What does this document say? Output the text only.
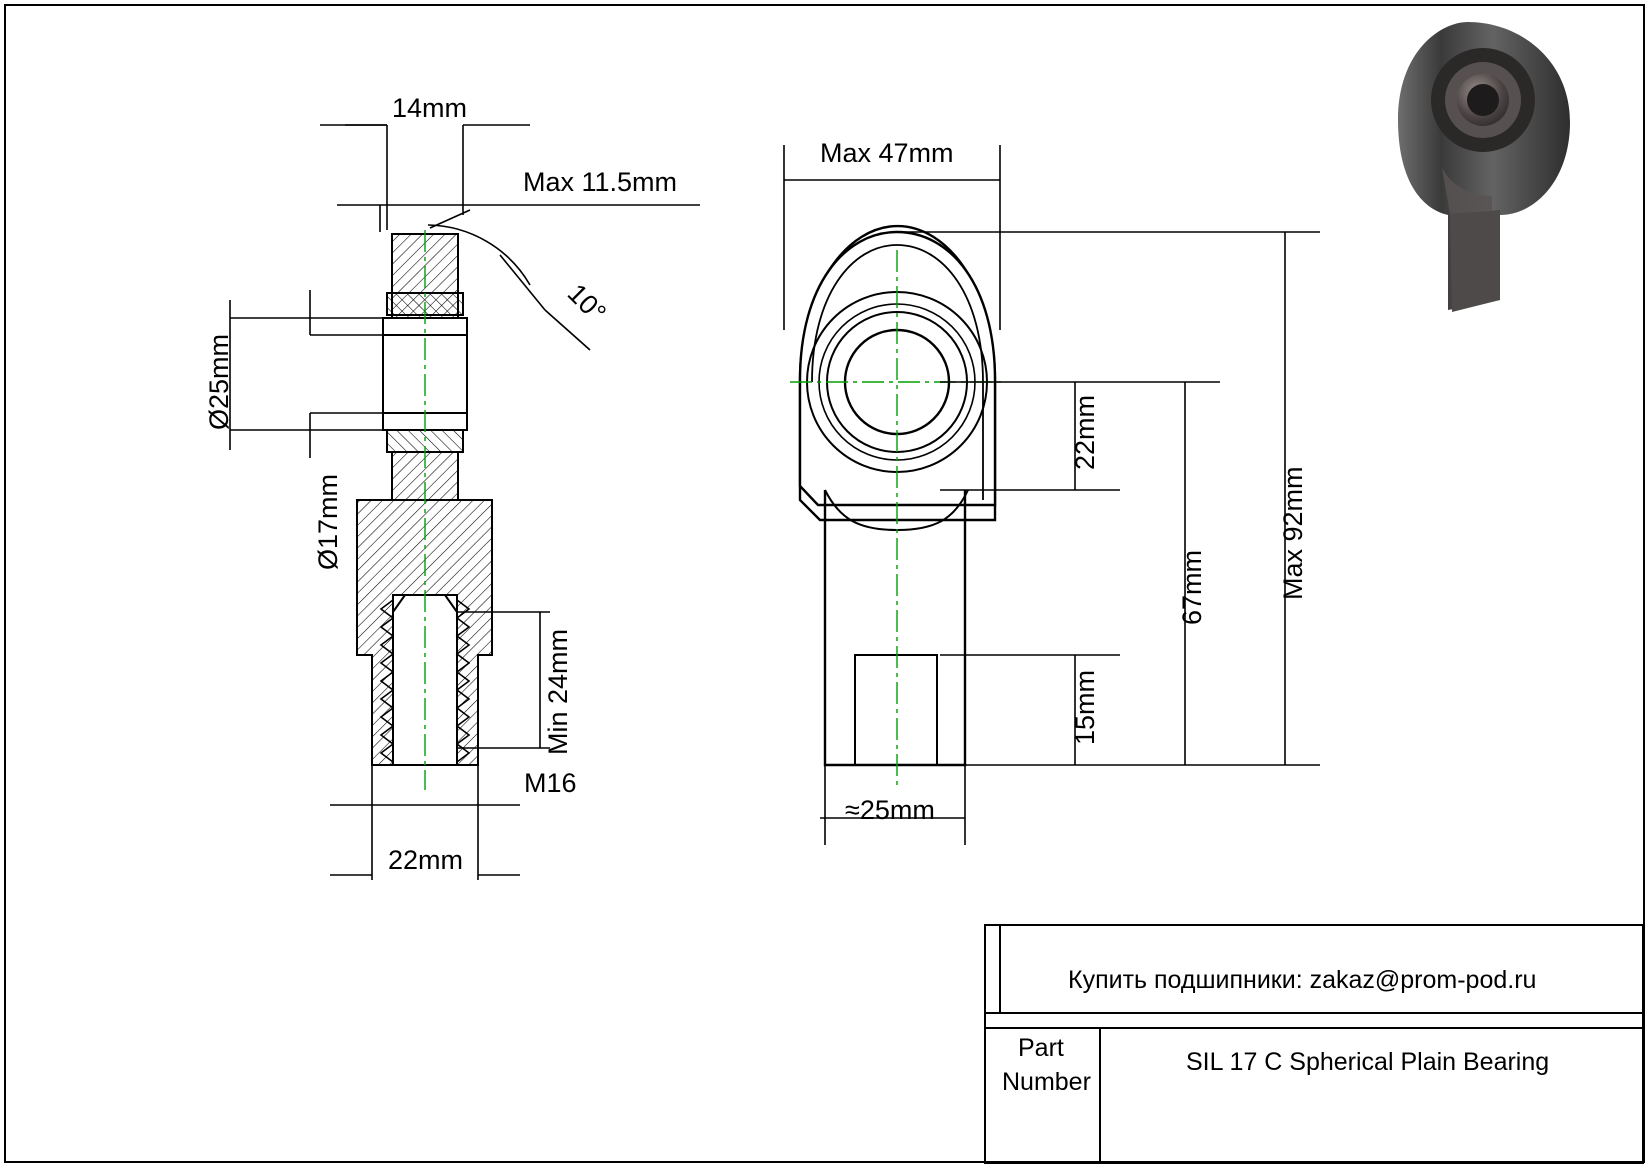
14mm
Max 11.5mm
10°
Ø25mm
Ø17mm
Min 24mm
M16
22mm
Max 47mm
22mm
67mm
15mm
Max 92mm
≈25mm
Купить подшипники: zakaz@prom-pod.ru
Part
Number
SIL 17 C Spherical Plain Bearing
